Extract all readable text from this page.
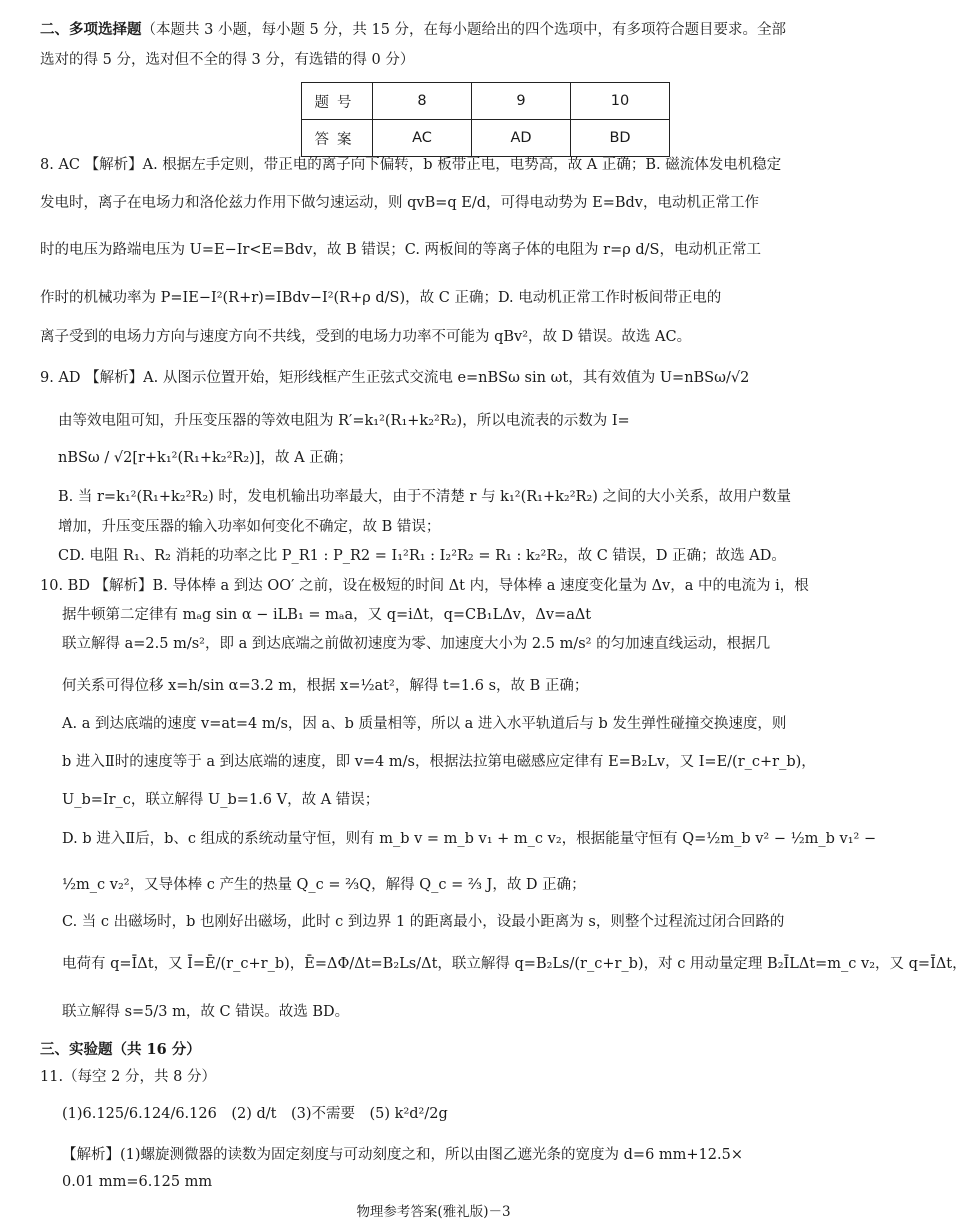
二、多项选择题（本题共 3 小题，每小题 5 分，共 15 分，在每小题给出的四个选项中，有多项符合题目要求。全部
选对的得 5 分，选对但不全的得 3 分，有选错的得 0 分）
题号	8	9	10
答案	AC	AD	BD
8. AC 【解析】A. 根据左手定则，带正电的离子向下偏转，b 板带正电，电势高，故 A 正确；B. 磁流体发电机稳定
发电时，离子在电场力和洛伦兹力作用下做匀速运动，则 qvB=q E/d，可得电动势为 E=Bdv，电动机正常工作
时的电压为路端电压为 U=E−Ir<E=Bdv，故 B 错误；C. 两板间的等离子体的电阻为 r=ρ d/S，电动机正常工
作时的机械功率为 P=IE−I²(R+r)=IBdv−I²(R+ρ d/S)，故 C 正确；D. 电动机正常工作时板间带正电的
离子受到的电场力方向与速度方向不共线，受到的电场力功率不可能为 qBv²，故 D 错误。故选 AC。
9. AD 【解析】A. 从图示位置开始，矩形线框产生正弦式交流电 e=nBSω sin ωt，其有效值为 U=nBSω/√2
由等效电阻可知，升压变压器的等效电阻为 R′=k₁²(R₁+k₂²R₂)，所以电流表的示数为 I=
nBSω / √2[r+k₁²(R₁+k₂²R₂)]，故 A 正确；
B. 当 r=k₁²(R₁+k₂²R₂) 时，发电机输出功率最大，由于不清楚 r 与 k₁²(R₁+k₂²R₂) 之间的大小关系，故用户数量
增加，升压变压器的输入功率如何变化不确定，故 B 错误；
CD. 电阻 R₁、R₂ 消耗的功率之比 P_R1 : P_R2 = I₁²R₁ : I₂²R₂ = R₁ : k₂²R₂，故 C 错误，D 正确；故选 AD。
10. BD 【解析】B. 导体棒 a 到达 OO′ 之前，设在极短的时间 Δt 内，导体棒 a 速度变化量为 Δv，a 中的电流为 i，根
据牛顿第二定律有 mₐg sin α − iLB₁ = mₐa，又 q=iΔt，q=CB₁LΔv，Δv=aΔt
联立解得 a=2.5 m/s²，即 a 到达底端之前做初速度为零、加速度大小为 2.5 m/s² 的匀加速直线运动，根据几
何关系可得位移 x=h/sin α=3.2 m，根据 x=½at²，解得 t=1.6 s，故 B 正确；
A. a 到达底端的速度 v=at=4 m/s，因 a、b 质量相等，所以 a 进入水平轨道后与 b 发生弹性碰撞交换速度，则
b 进入Ⅱ时的速度等于 a 到达底端的速度，即 v=4 m/s，根据法拉第电磁感应定律有 E=B₂Lv，又 I=E/(r_c+r_b)，
U_b=Ir_c，联立解得 U_b=1.6 V，故 A 错误；
D. b 进入Ⅱ后，b、c 组成的系统动量守恒，则有 m_b v = m_b v₁ + m_c v₂，根据能量守恒有 Q=½m_b v² − ½m_b v₁² −
½m_c v₂²，又导体棒 c 产生的热量 Q_c = ⅔Q，解得 Q_c = ⅔ J，故 D 正确；
C. 当 c 出磁场时，b 也刚好出磁场，此时 c 到边界 1 的距离最小，设最小距离为 s，则整个过程流过闭合回路的
电荷有 q=ĪΔt，又 Ī=Ē/(r_c+r_b)，Ē=ΔΦ/Δt=B₂Ls/Δt，联立解得 q=B₂Ls/(r_c+r_b)，对 c 用动量定理 B₂ĪLΔt=m_c v₂，又 q=ĪΔt，
联立解得 s=5/3 m，故 C 错误。故选 BD。
三、实验题（共 16 分）
11.（每空 2 分，共 8 分）
(1)6.125/6.124/6.126　(2) d/t　(3)不需要　(5) k²d²/2g
【解析】(1)螺旋测微器的读数为固定刻度与可动刻度之和，所以由图乙遮光条的宽度为 d=6 mm+12.5×
0.01 mm=6.125 mm
物理参考答案(雅礼版)－3
